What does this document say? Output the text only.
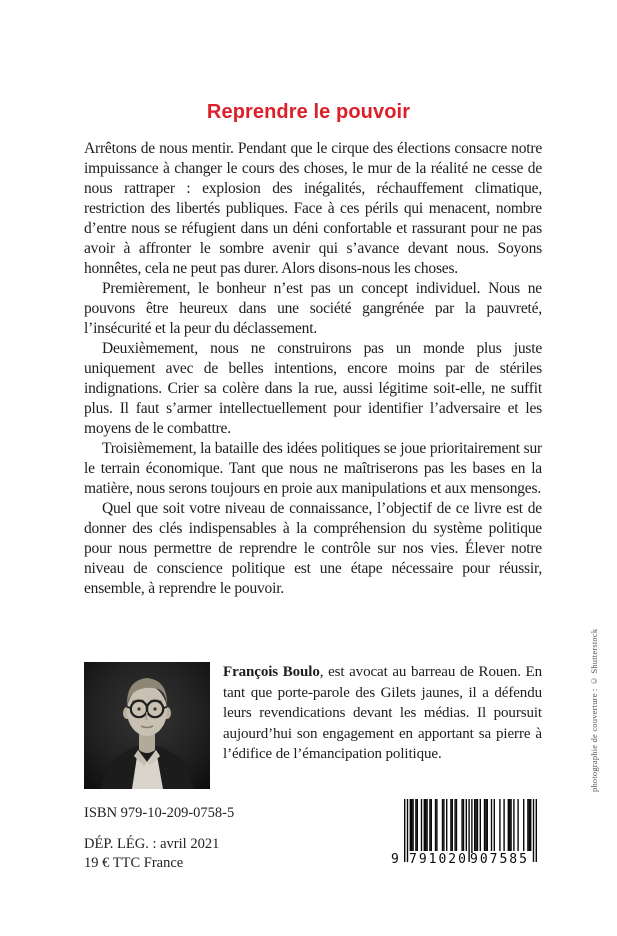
Reprendre le pouvoir

Arrêtons de nous mentir. Pendant que le cirque des élections consacre notre impuissance à changer le cours des choses, le mur de la réalité ne cesse de nous rattraper : explosion des inégalités, réchauffement climatique, restriction des libertés publiques. Face à ces périls qui menacent, nombre d’entre nous se réfugient dans un déni confortable et rassurant pour ne pas avoir à affronter le sombre avenir qui s’avance devant nous. Soyons honnêtes, cela ne peut pas durer. Alors disons-nous les choses.

Premièrement, le bonheur n’est pas un concept individuel. Nous ne pouvons être heureux dans une société gangrénée par la pauvreté, l’insécurité et la peur du déclassement.

Deuxièmement, nous ne construirons pas un monde plus juste uniquement avec de belles intentions, encore moins par de stériles indignations. Crier sa colère dans la rue, aussi légitime soit-elle, ne suffit plus. Il faut s’armer intellectuellement pour identifier l’adversaire et les moyens de le combattre.

Troisièmement, la bataille des idées politiques se joue prioritairement sur le terrain économique. Tant que nous ne maîtriserons pas les bases en la matière, nous serons toujours en proie aux manipulations et aux mensonges.

Quel que soit votre niveau de connaissance, l’objectif de ce livre est de donner des clés indispensables à la compréhension du système politique pour nous permettre de reprendre le contrôle sur nos vies. Élever notre niveau de conscience politique est une étape nécessaire pour réussir, ensemble, à reprendre le pouvoir.

François Boulo, est avocat au barreau de Rouen. En tant que porte-parole des Gilets jaunes, il a défendu leurs revendications devant les médias. Il poursuit aujourd’hui son engagement en apportant sa pierre à l’édifice de l’émancipation politique.	photographie de couverture : © Shutterstock

ISBN 979-10-209-0758-5

DÉP. LÉG. : avril 2021

19 € TTC France	9 791020 907585
